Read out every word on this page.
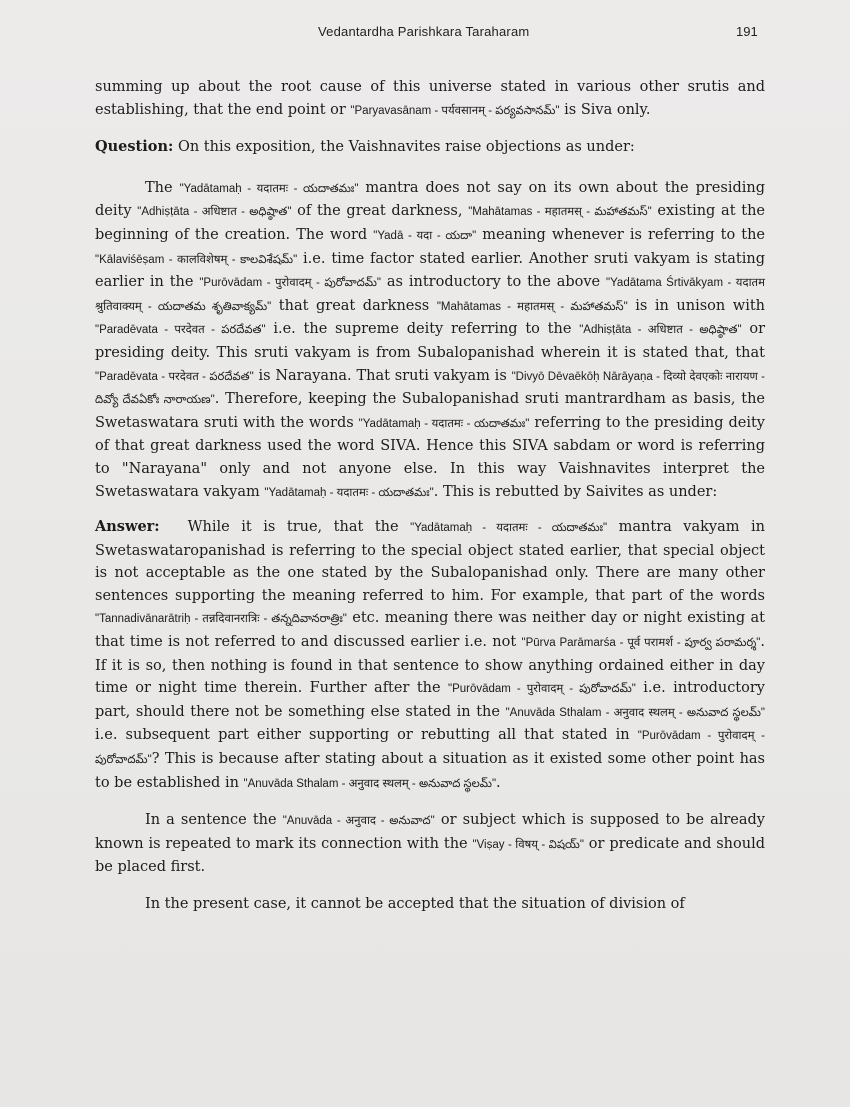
Vedantardha Parishkara Taraharam	191

summing up about the root cause of this universe stated in various other srutis and establishing, that the end point or "Paryavasānam - पर्यवसानम् - పర్యవసానమ్" is Siva only.

Question: On this exposition, the Vaishnavites raise objections as under:

The "Yadātamaḥ - यदातमः - యదాతమః" mantra does not say on its own about the presiding deity "Adhiṣṭāta - अधिष्टात - అధిష్ఠాత" of the great darkness, "Mahātamas - महातमस् - మహాతమస్" existing at the beginning of the creation. The word "Yadā - यदा - యదా" meaning whenever is referring to the "Kālaviśēṣam - कालविशेषम् - కాలవిశేషమ్" i.e. time factor stated earlier. Another sruti vakyam is stating earlier in the "Purōvādam - पुरोवादम् - పురోవాదమ్" as introductory to the above "Yadātama Śrtivākyam - यदातम श्रुतिवाक्यम् - యదాతమ శృతివాక్యమ్" that great darkness "Mahātamas - महातमस् - మహాతమస్" is in unison with "Paradēvata - परदेवत - పరదేవత" i.e. the supreme deity referring to the "Adhiṣṭāta - अधिष्टात - అధిష్ఠాత" or presiding deity. This sruti vakyam is from Subalopanishad wherein it is stated that, that "Paradēvata - परदेवत - పరదేవత" is Narayana. That sruti vakyam is "Divyō Dēvaēkōḥ Nārāyaṇa - दिव्यो देवएकोः नारायण - దివ్యో దేవఏకోః నారాయణ". Therefore, keeping the Subalopanishad sruti mantrardham as basis, the Swetaswatara sruti with the words "Yadātamaḥ - यदातमः - యదాతమః" referring to the presiding deity of that great darkness used the word SIVA. Hence this SIVA sabdam or word is referring to "Narayana" only and not anyone else. In this way Vaishnavites interpret the Swetaswatara vakyam "Yadātamaḥ - यदातमः - యదాతమః". This is rebutted by Saivites as under:

Answer: While it is true, that the "Yadātamaḥ - यदातमः - యదాతమః" mantra vakyam in Swetaswataropanishad is referring to the special object stated earlier, that special object is not acceptable as the one stated by the Subalopanishad only. There are many other sentences supporting the meaning referred to him. For example, that part of the words "Tannadivānarātriḥ - तन्नदिवानरात्रिः - తన్నదివానరాత్రిః" etc. meaning there was neither day or night existing at that time is not referred to and discussed earlier i.e. not "Pūrva Parāmarśa - पूर्व परामर्श - పూర్వ పరామర్శ". If it is so, then nothing is found in that sentence to show anything ordained either in day time or night time therein. Further after the "Purōvādam - पुरोवादम् - పురోవాదమ్" i.e. introductory part, should there not be something else stated in the "Anuvāda Sthalam - अनुवाद स्थलम् - అనువాద స్థలమ్" i.e. subsequent part either supporting or rebutting all that stated in "Purōvādam - पुरोवादम् - పురోవాదమ్"? This is because after stating about a situation as it existed some other point has to be established in "Anuvāda Sthalam - अनुवाद स्थलम् - అనువాద స్థలమ్".

In a sentence the "Anuvāda - अनुवाद - అనువాద" or subject which is supposed to be already known is repeated to mark its connection with the "Viṣay - विषय् - విషయ్" or predicate and should be placed first.

In the present case, it cannot be accepted that the situation of division of
